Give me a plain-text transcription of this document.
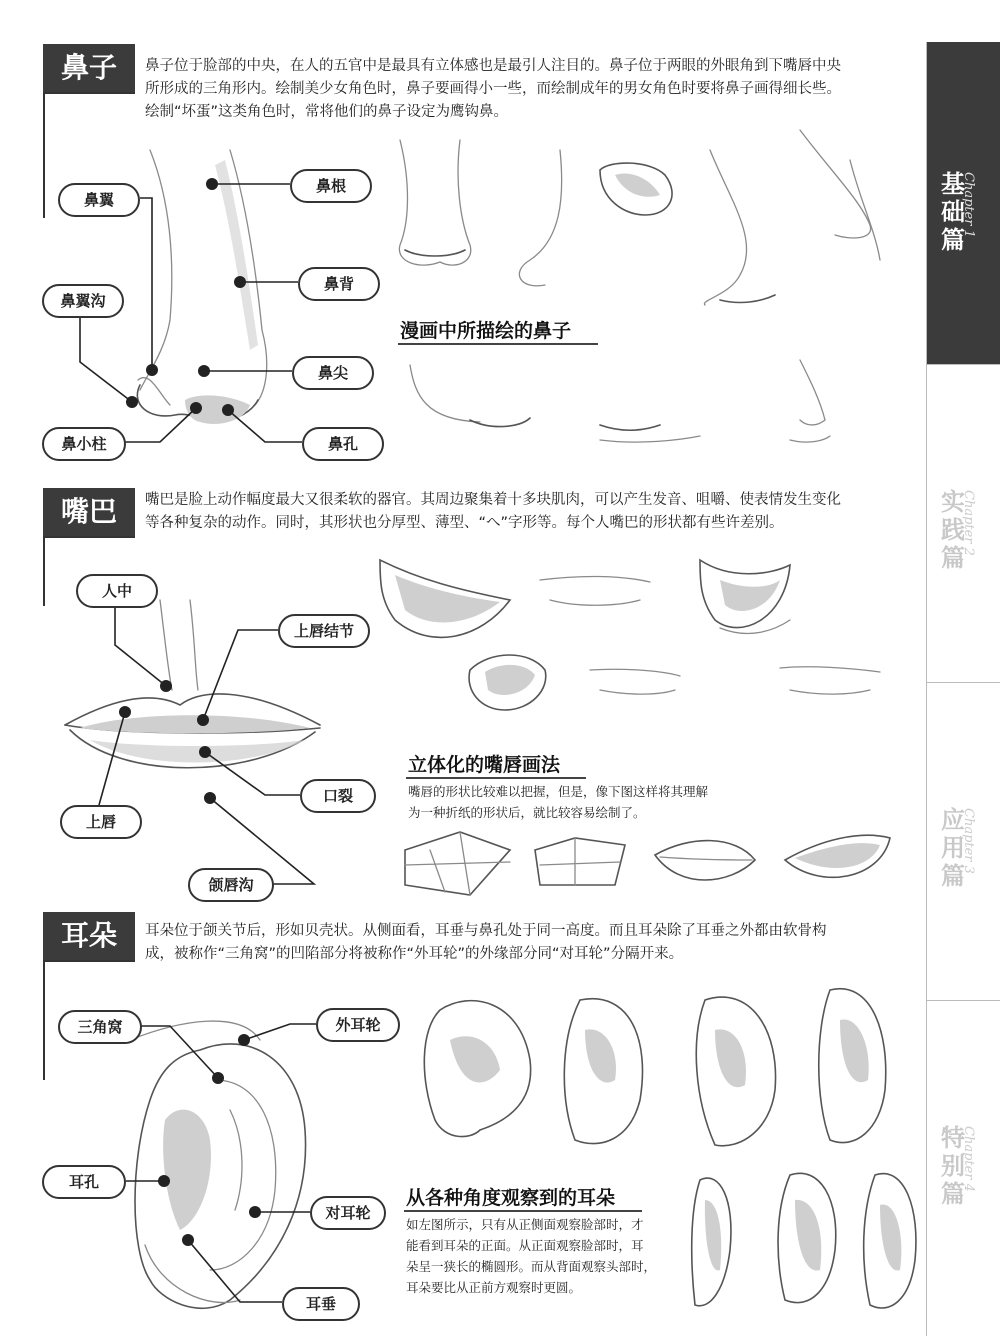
基础篇
Chapter 1
实践篇
Chapter 2
应用篇
Chapter 3
特别篇
Chapter 4
鼻子	鼻子位于脸部的中央，在人的五官中是最具有立体感也是最引人注目的。鼻子位于两眼的外眼角到下嘴唇中央
所形成的三角形内。绘制美少女角色时，鼻子要画得小一些，而绘制成年的男女角色时要将鼻子画得细长些。
绘制“坏蛋”这类角色时，常将他们的鼻子设定为鹰钩鼻。
鼻翼
鼻根
鼻翼沟
鼻背
鼻尖
鼻小柱	鼻孔
漫画中所描绘的鼻子
嘴巴	嘴巴是脸上动作幅度最大又很柔软的器官。其周边聚集着十多块肌肉，可以产生发音、咀嚼、使表情发生变化
等各种复杂的动作。同时，其形状也分厚型、薄型、“へ”字形等。每个人嘴巴的形状都有些许差别。
人中
上唇结节
上唇
口裂
颌唇沟
立体化的嘴唇画法
嘴唇的形状比较难以把握，但是，像下图这样将其理解
为一种折纸的形状后，就比较容易绘制了。
耳朵	耳朵位于颌关节后，形如贝壳状。从侧面看，耳垂与鼻孔处于同一高度。而且耳朵除了耳垂之外都由软骨构
成，被称作“三角窝”的凹陷部分将被称作“外耳轮”的外缘部分同“对耳轮”分隔开来。
三角窝	外耳轮
耳孔
对耳轮
耳垂
从各种角度观察到的耳朵
如左图所示，只有从正侧面观察脸部时，才
能看到耳朵的正面。从正面观察脸部时，耳
朵呈一狭长的椭圆形。而从背面观察头部时，
耳朵要比从正前方观察时更圆。
